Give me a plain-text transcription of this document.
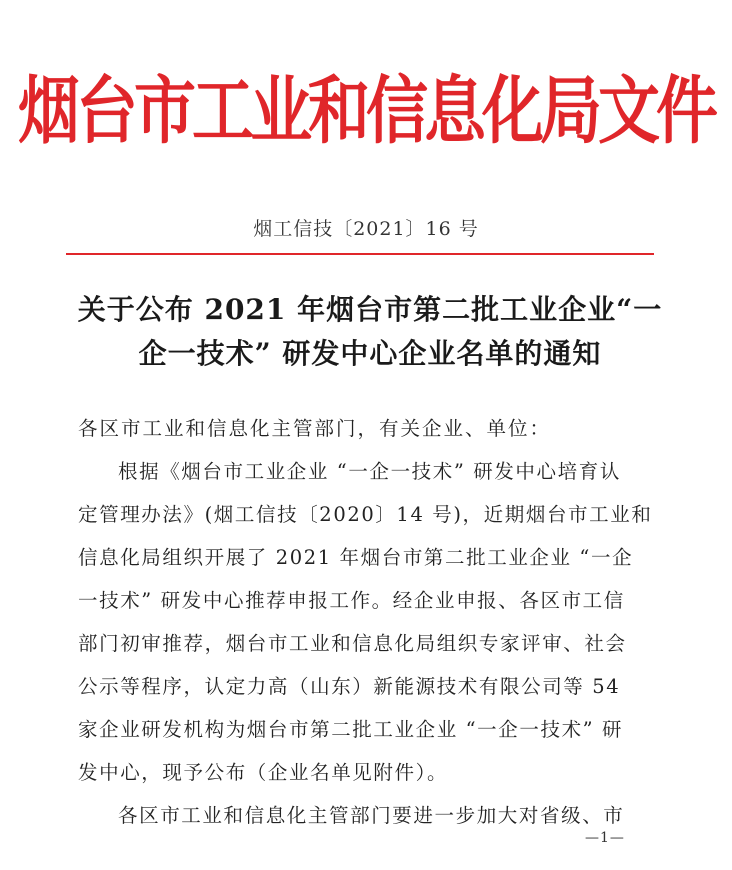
烟台市工业和信息化局文件
烟工信技〔2021〕16 号
关于公布 2021 年烟台市第二批工业企业“一
企一技术” 研发中心企业名单的通知
各区市工业和信息化主管部门，有关企业、单位：
根据《烟台市工业企业 “一企一技术” 研发中心培育认
定管理办法》(烟工信技〔2020〕14 号)，近期烟台市工业和
信息化局组织开展了 2021 年烟台市第二批工业企业 “一企
一技术” 研发中心推荐申报工作。经企业申报、各区市工信
部门初审推荐，烟台市工业和信息化局组织专家评审、社会
公示等程序，认定力高（山东）新能源技术有限公司等 54
家企业研发机构为烟台市第二批工业企业 “一企一技术” 研
发中心，现予公布（企业名单见附件）。
各区市工业和信息化主管部门要进一步加大对省级、市
—1—
